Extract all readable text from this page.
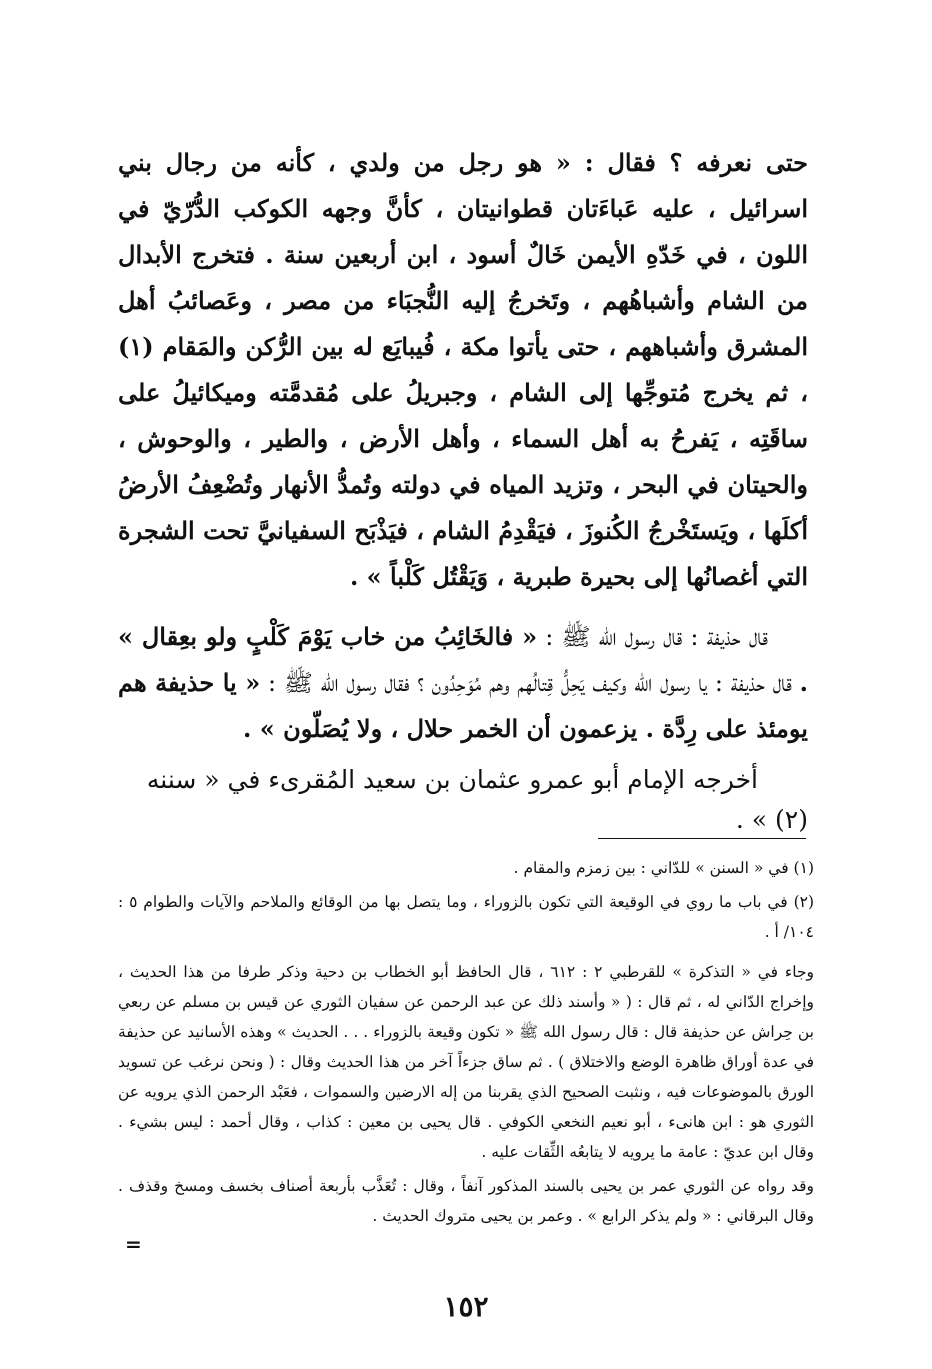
حتى نعرفه ؟ فقال : « هو رجل من ولدي ، كأنه من رجال بني اسرائيل ، عليه عَباءَتان قطوانيتان ، كأنَّ وجهه الكوكب الدُّرّيّ في اللون ، في خَدّهِ الأيمن خَالٌ أسود ، ابن أربعين سنة . فتخرج الأبدال من الشام وأشباهُهم ، وتَخرجُ إليه النُّجبَاء من مصر ، وعَصائبُ أهل المشرق وأشباههم ، حتى يأتوا مكة ، فُيبايَع له بين الرُّكن والمَقام (١) ، ثم يخرج مُتوجِّها إلى الشام ، وجبريلُ على مُقدمَّته وميكائيلُ على ساقَتِه ، يَفرحُ به أهل السماء ، وأهل الأرض ، والطير ، والوحوش ، والحيتان في البحر ، وتزيد المياه في دولته وتُمدُّ الأنهار وتُضْعِفُ الأرضُ أكلَها ، ويَستَخْرجُ الكُنوزَ ، فيَقْدِمُ الشام ، فيَذْبَح السفيانيَّ تحت الشجرة التي أغصانُها إلى بحيرة طبرية ، وَيَقْتُل كَلْباً » .

قال حذيفة : قال رسول الله ﷺ : « فالخَائِبُ من خاب يَوْمَ كَلْبٍ ولو بعِقال » . قال حذيفة : يا رسول الله وكيف يَحِلُّ قِتالُهم وهم مُوَحِدُون ؟ فقال رسول الله ﷺ : « يا حذيفة هم يومئذ على رِدَّة . يزعمون أن الخمر حلال ، ولا يُصَلّون » .

أخرجه الإمام أبو عمرو عثمان بن سعيد المُقرىء في « سننه (٢) » .

(١) في « السنن » للدّاني : بين زمزم والمقام .

(٢) في باب ما روي في الوقيعة التي تكون بالزوراء ، وما يتصل بها من الوقائع والملاحم والآيات والطوام ٥ : ١٠٤/ أ .

وجاء في « التذكرة » للقرطبي ٢ : ٦١٢ ، قال الحافظ أبو الخطاب بن دحية وذكر طرفا من هذا الحديث ، وإخراج الدّاني له ، ثم قال : ( « وأسند ذلك عن عبد الرحمن عن سفيان الثوري عن قيس بن مسلم عن ربعي بن حِراش عن حذيفة قال : قال رسول الله ﷺ « تكون وقيعة بالزوراء . . . الحديث » وهذه الأسانيد عن حذيفة في عدة أوراق ظاهرة الوضع والاختلاق ) . ثم ساق جزءاً آخر من هذا الحديث وقال : ( ونحن نرغب عن تسويد الورق بالموضوعات فيه ، ونثبت الصحيح الذي يقربنا من إله الارضين والسموات ، فعَبْد الرحمن الذي يرويه عن الثوري هو : ابن هانىء ، أبو نعيم النخعي الكوفي . قال يحيى بن معين : كذاب ، وقال أحمد : ليس بشيء . وقال ابن عديّ : عامة ما يرويه لا يتابعُه الثِّقات عليه .

وقد رواه عن الثوري عمر بن يحيى بالسند المذكور آنفاً ، وقال : تُعَذَّب بأربعة أصناف بخسف ومسخ وقذف . وقال البرقاني : « ولم يذكر الرابع » . وعمر بن يحيى متروك الحديث .

=
١٥٢
